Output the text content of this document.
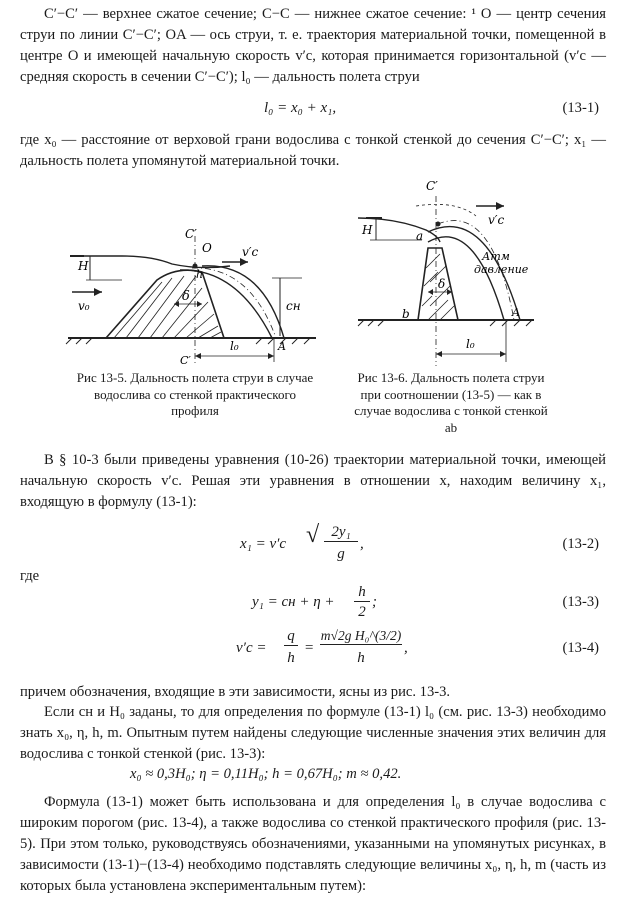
C′−C′ — верхнее сжатое сечение; C−C — нижнее сжатое сечение: ¹ O — центр сечения струи по линии C′−C′; OA — ось струи, т. е. траектория материальной точки, помещенной в центре O и имеющей начальную скорость v′с, которая принимается горизонтальной (v′с — средняя скорость в сечении C′−C′); l₀ — дальность полета струи
l₀ = x₀ + x₁,	(13-1)
где x₀ — расстояние от верховой грани водослива с тонкой стенкой до сечения C′−C′; x₁ — дальность полета упомянутой материальной точки.
C′
O
H
h
v′c
v₀
δ
cн
A
C′
l₀
Рис 13-5. Дальность полета струи в случае водослива со стенкой практического профиля
C′
H
v′c
a
Атм
давление
δ
b	A
l₀
Рис 13-6. Дальность полета струи при соотношении (13-5) — как в случае водослива с тонкой стенкой ab
В § 10-3 были приведены уравнения (10-26) траектории материальной точки, имеющей начальную скорость v′с. Решая эти уравнения в отношении x, находим величину x₁, входящую в формулу (13-1):
x₁ = v′с √ 2y₁
g
,	(13-2)
где
y₁ = cн + η +
h
2
;	(13-3)
v′с =
q
h
=
m√2g H₀^(3/2)
h
,	(13-4)
причем обозначения, входящие в эти зависимости, ясны из рис. 13-3.
Если cн и H₀ заданы, то для определения по формуле (13-1) l₀ (см. рис. 13-3) необходимо знать x₀, η, h, m. Опытным путем найдены следующие численные значения этих величин для водослива с тонкой стенкой (рис. 13-3):
x₀ ≈ 0,3H₀; η = 0,11H₀; h = 0,67H₀; m ≈ 0,42.
Формула (13-1) может быть использована и для определения l₀ в случае водослива с широким порогом (рис. 13-4), а также водослива со стенкой практического профиля (рис. 13-5). При этом только, руководствуясь обозначениями, указанными на упомянутых рисунках, в зависимости (13-1)−(13-4) необходимо подставлять следующие величины x₀, η, h, m (часть из которых была установлена экспериментальным путем):
